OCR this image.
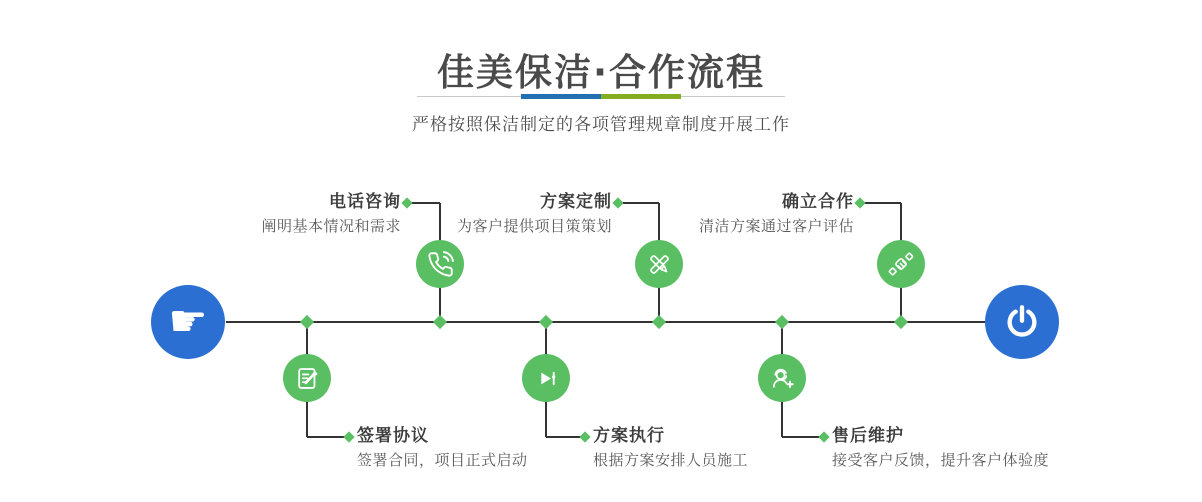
佳美保洁·合作流程

严格按照保洁制定的各项管理规章制度开展工作

☛
电话咨询
阐明基本情况和需求
方案定制
为客户提供项目策策划
确立合作
清洁方案通过客户评估
签署协议
签署合同，项目正式启动
方案执行
根据方案安排人员施工
售后维护
接受客户反馈，提升客户体验度
